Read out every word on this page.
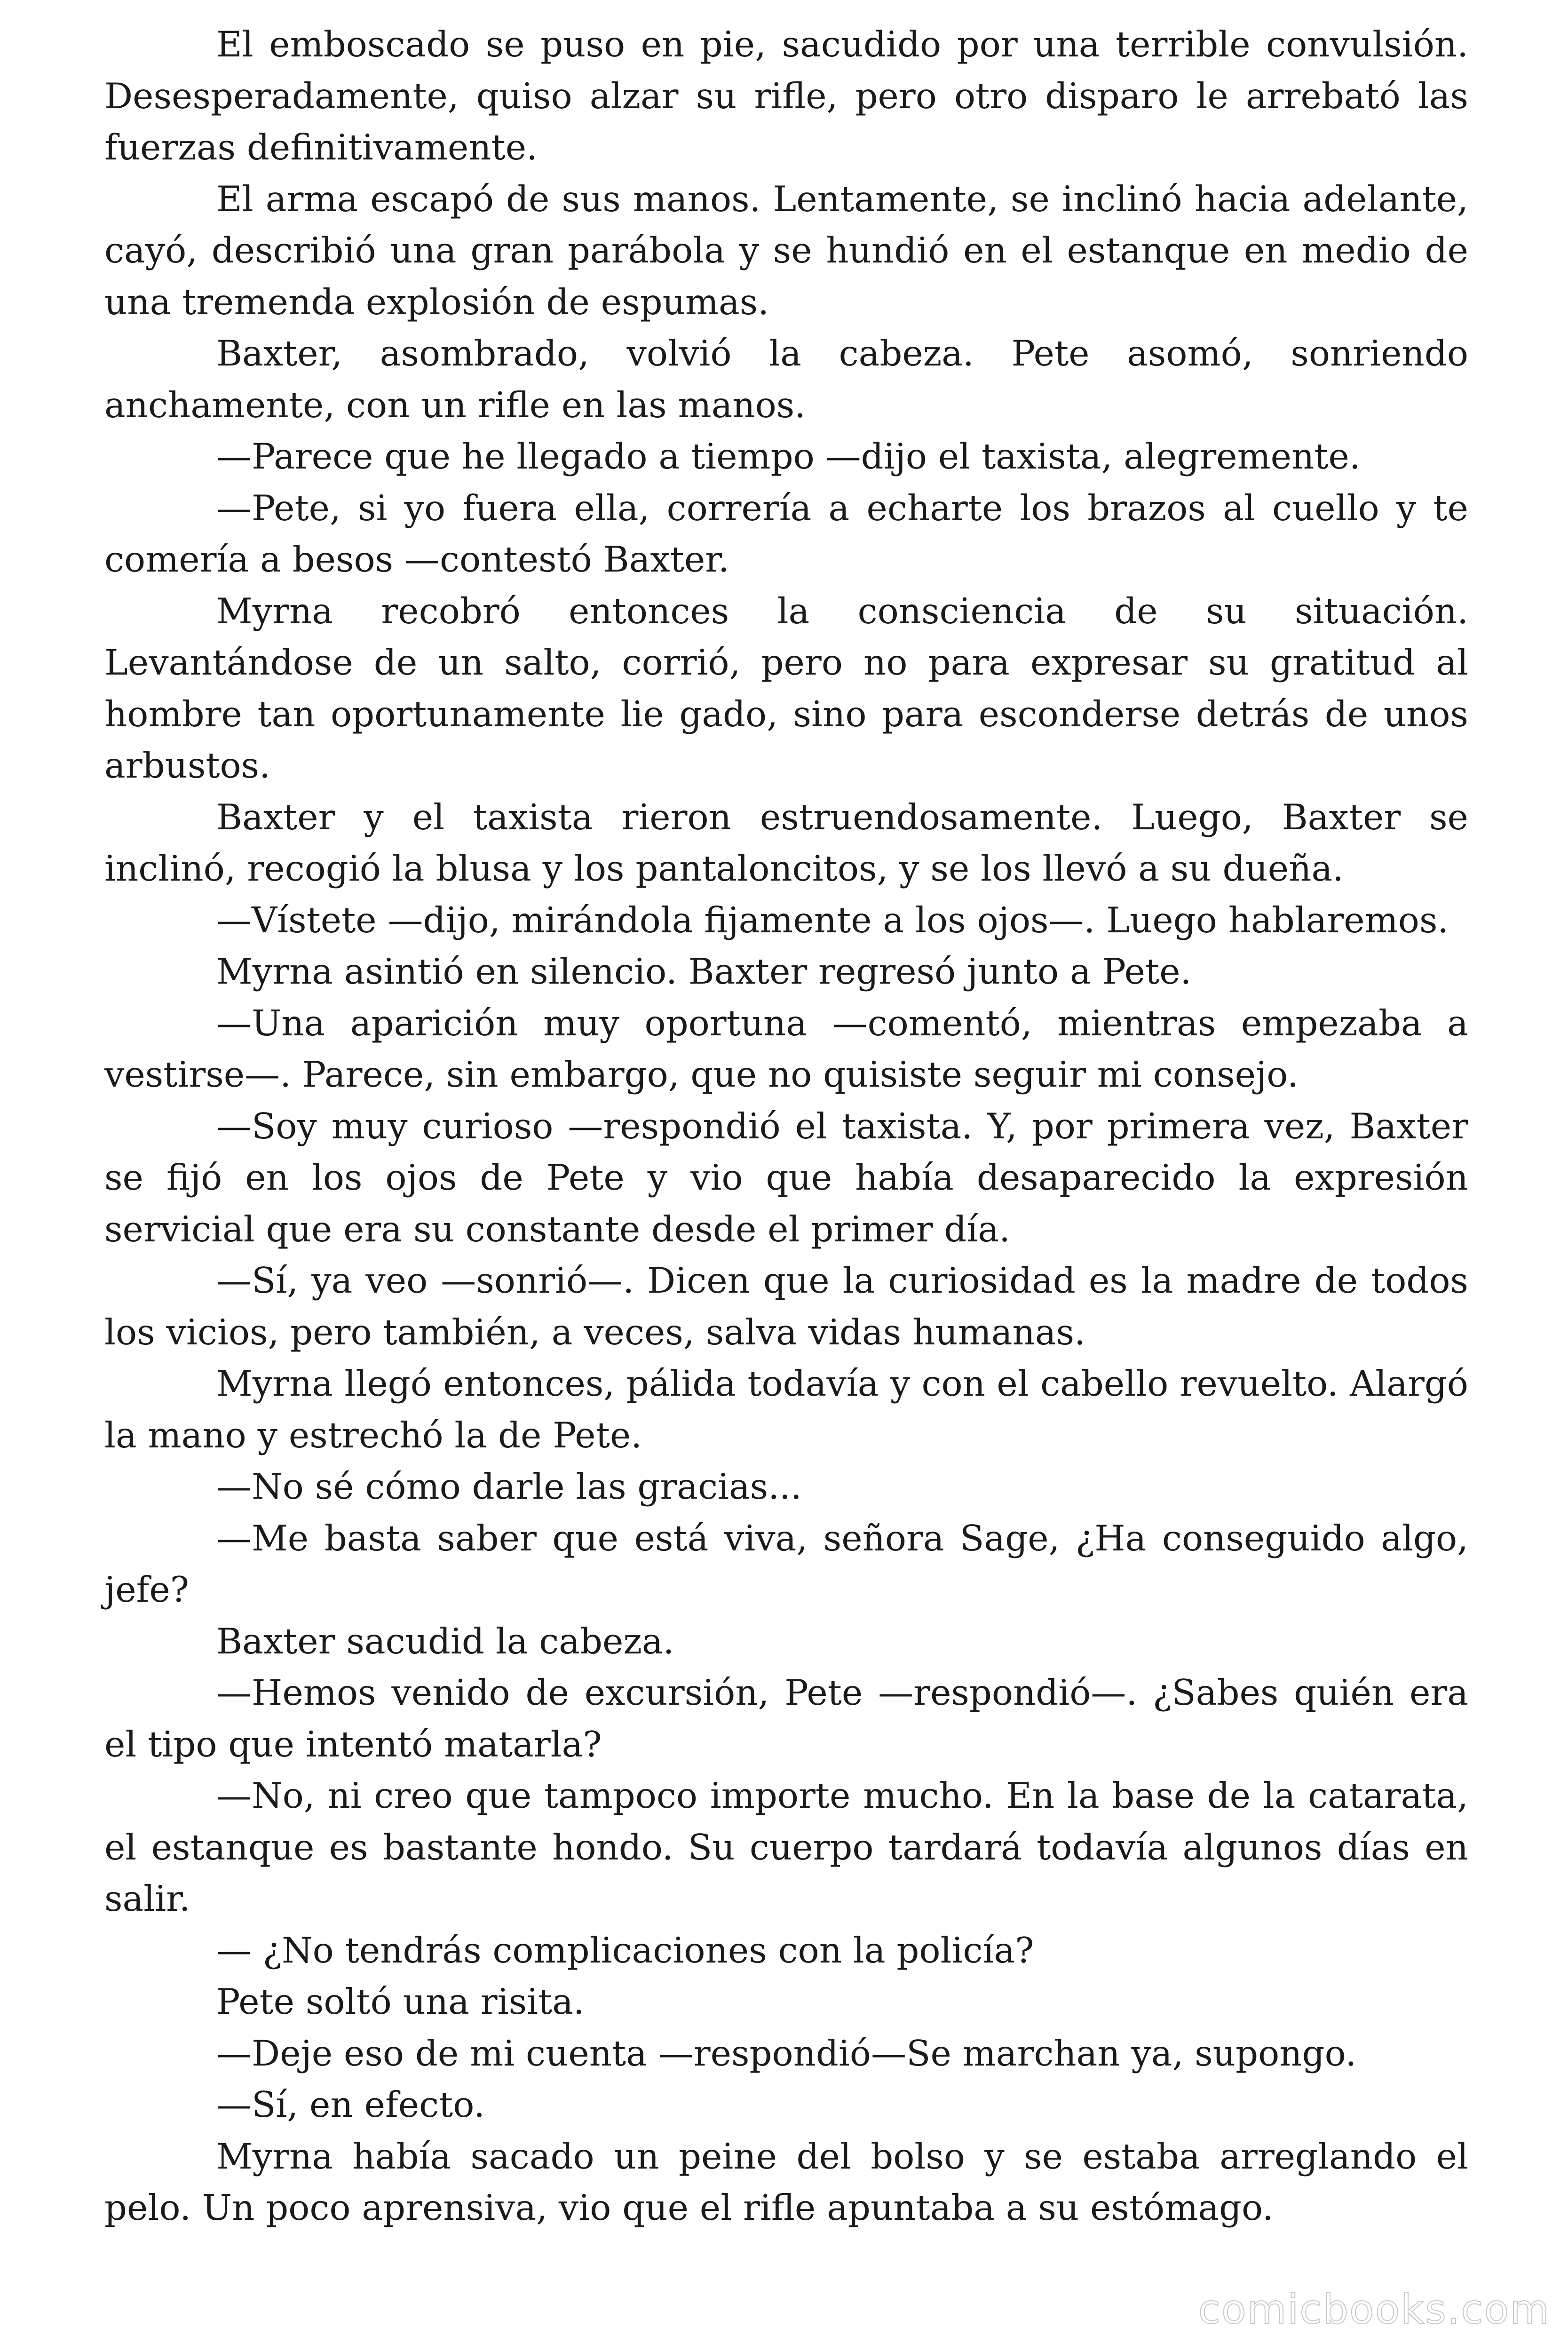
El emboscado se puso en pie, sacudido por una terrible convulsión. Desesperadamente, quiso alzar su rifle, pero otro disparo le arrebató las fuerzas definitivamente.

El arma escapó de sus manos. Lentamente, se inclinó hacia adelante, cayó, describió una gran parábola y se hundió en el estanque en medio de una tremenda explosión de espumas.

Baxter, asombrado, volvió la cabeza. Pete asomó, sonriendo anchamente, con un rifle en las manos.

—Parece que he llegado a tiempo —dijo el taxista, alegremente.

—Pete, si yo fuera ella, correría a echarte los brazos al cuello y te comería a besos —contestó Baxter.

Myrna recobró entonces la consciencia de su situación. Levantándose de un salto, corrió, pero no para expresar su gratitud al hombre tan oportunamente lie gado, sino para esconderse detrás de unos arbustos.

Baxter y el taxista rieron estruendosamente. Luego, Baxter se inclinó, recogió la blusa y los pantaloncitos, y se los llevó a su dueña.

—Vístete —dijo, mirándola fijamente a los ojos—. Luego hablaremos.

Myrna asintió en silencio. Baxter regresó junto a Pete.

—Una aparición muy oportuna —comentó, mientras empezaba a vestirse—. Parece, sin embargo, que no quisiste seguir mi consejo.

—Soy muy curioso —respondió el taxista. Y, por primera vez, Baxter se fijó en los ojos de Pete y vio que había desaparecido la expresión servicial que era su constante desde el primer día.

—Sí, ya veo —sonrió—. Dicen que la curiosidad es la madre de todos los vicios, pero también, a veces, salva vidas humanas.

Myrna llegó entonces, pálida todavía y con el cabello revuelto. Alargó la mano y estrechó la de Pete.

—No sé cómo darle las gracias...

—Me basta saber que está viva, señora Sage, ¿Ha conseguido algo, jefe?

Baxter sacudid la cabeza.

—Hemos venido de excursión, Pete —respondió—. ¿Sabes quién era el tipo que intentó matarla?

—No, ni creo que tampoco importe mucho. En la base de la catarata, el estanque es bastante hondo. Su cuerpo tardará todavía algunos días en salir.

— ¿No tendrás complicaciones con la policía?

Pete soltó una risita.

—Deje eso de mi cuenta —respondió—Se marchan ya, supongo.

—Sí, en efecto.

Myrna había sacado un peine del bolso y se estaba arreglando el pelo. Un poco aprensiva, vio que el rifle apuntaba a su estómago.

comicbooks.com
